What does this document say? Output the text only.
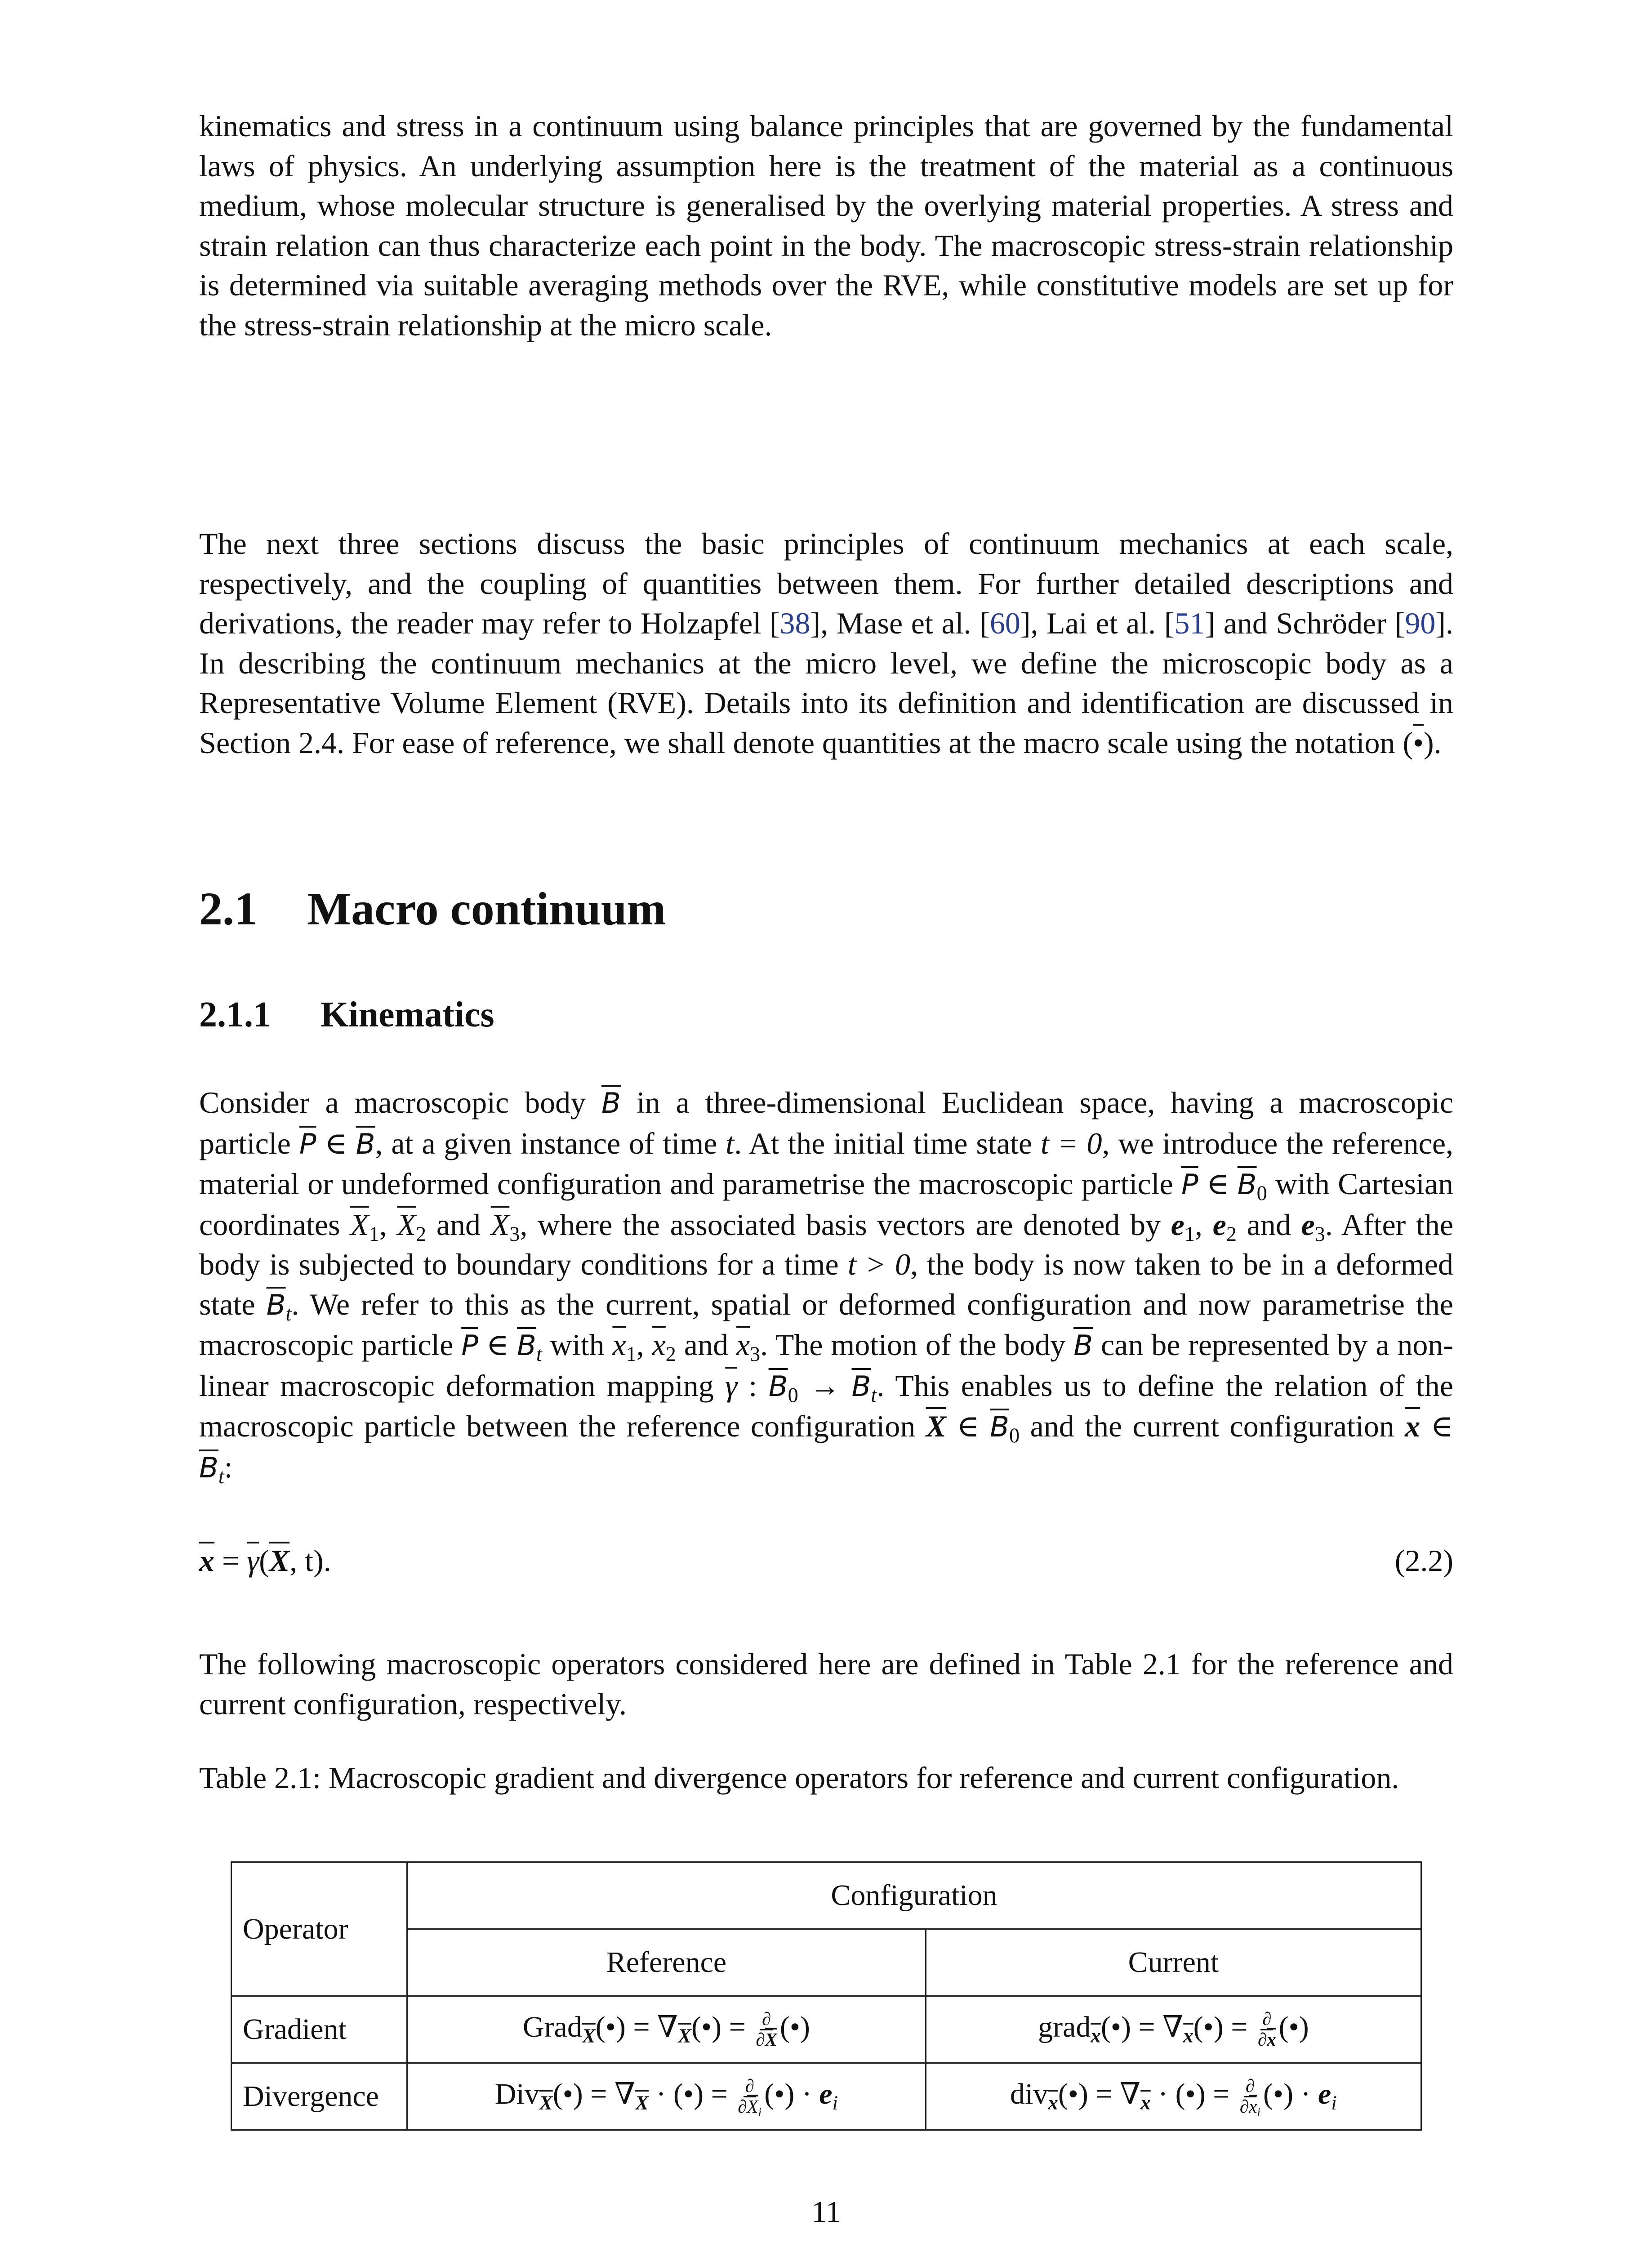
kinematics and stress in a continuum using balance principles that are governed by the fundamental laws of physics. An underlying assumption here is the treatment of the material as a continuous medium, whose molecular structure is generalised by the overlying material properties. A stress and strain relation can thus characterize each point in the body. The macroscopic stress-strain relationship is determined via suitable averaging methods over the RVE, while constitutive models are set up for the stress-strain relationship at the micro scale.

The next three sections discuss the basic principles of continuum mechanics at each scale, respectively, and the coupling of quantities between them. For further detailed descriptions and derivations, the reader may refer to Holzapfel [38], Mase et al. [60], Lai et al. [51] and Schröder [90]. In describing the continuum mechanics at the micro level, we define the microscopic body as a Representative Volume Element (RVE). Details into its definition and identification are discussed in Section 2.4. For ease of reference, we shall denote quantities at the macro scale using the notation (•).

2.1 Macro continuum
2.1.1 Kinematics

Consider a macroscopic body $\overline{B}$ in a three-dimensional Euclidean space, having a macroscopic particle $\overline{P}$ ∈ $\overline{B}$, at a given instance of time t. At the initial time state t = 0, we introduce the reference, material or undeformed configuration and parametrise the macroscopic particle $\overline{P}$ ∈ $\overline{B}_0$ with Cartesian coordinates $\overline{X}_1$, $\overline{X}_2$ and $\overline{X}_3$, where the associated basis vectors are denoted by $e_1$, $e_2$ and $e_3$. After the body is subjected to boundary conditions for a time t > 0, the body is now taken to be in a deformed state $\overline{B}_t$. We refer to this as the current, spatial or deformed configuration and now parametrise the macroscopic particle $\overline{P}$ ∈ $\overline{B}_t$ with $\overline{x}_1$, $\overline{x}_2$ and $\overline{x}_3$. The motion of the body $\overline{B}$ can be represented by a non-linear macroscopic deformation mapping $\overline{\gamma}$ : $\overline{B}_0 \to \overline{B}_t$. This enables us to define the relation of the macroscopic particle between the reference configuration $\overline{X}$ ∈ $\overline{B}_0$ and the current configuration $\overline{x}$ ∈ $\overline{B}_t$:

$\overline{x} = \overline{\gamma}(\overline{X}$, t).	(2.2)

The following macroscopic operators considered here are defined in Table 2.1 for the reference and current configuration, respectively.

Table 2.1: Macroscopic gradient and divergence operators for reference and current configuration.

Operator	Configuration	
	Reference	Current
Gradient	Grad$_{\overline{X}}$(•) = $\nabla_{\overline{X}}(•) = \frac{\partial}{\partial\overline{X}}$ (•)	grad$_{\overline{x}}$(•) = $\nabla_{\overline{x}}(•) = \frac{\partial}{\partial\overline{x}}$ (•)
Divergence	Div$_{\overline{X}}$(•) = $\nabla_{\overline{X}}$ · (•) = $\frac{\partial}{\partial\overline{X}_i}$ (•) · $e_i$	div$_{\overline{x}}$(•) = $\nabla_{\overline{x}}$ · (•) = $\frac{\partial}{\partial\overline{x}_i}$ (•) · $e_i$
11
